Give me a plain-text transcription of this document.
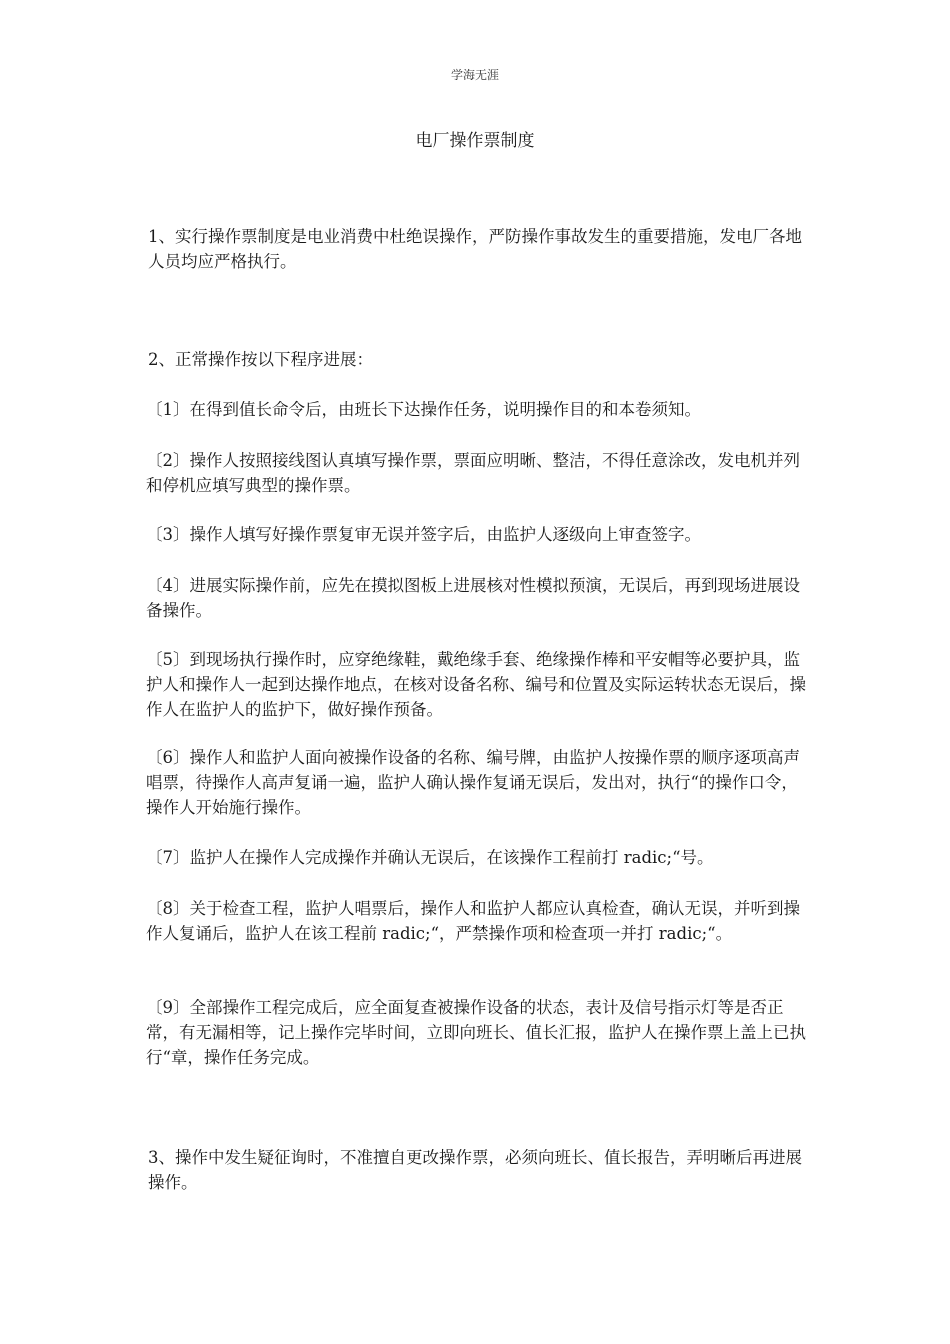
学海无涯
电厂操作票制度

1、实行操作票制度是电业消费中杜绝误操作，严防操作事故发生的重要措施，发电厂各地人员均应严格执行。

2、正常操作按以下程序进展：

〔1〕在得到值长命令后，由班长下达操作任务，说明操作目的和本卷须知。

〔2〕操作人按照接线图认真填写操作票，票面应明晰、整洁，不得任意涂改，发电机并列和停机应填写典型的操作票。

〔3〕操作人填写好操作票复审无误并签字后，由监护人逐级向上审查签字。

〔4〕进展实际操作前，应先在摸拟图板上进展核对性模拟预演，无误后，再到现场进展设备操作。

〔5〕到现场执行操作时，应穿绝缘鞋，戴绝缘手套、绝缘操作棒和平安帽等必要护具，监护人和操作人一起到达操作地点，在核对设备名称、编号和位置及实际运转状态无误后，操作人在监护人的监护下，做好操作预备。

〔6〕操作人和监护人面向被操作设备的名称、编号牌，由监护人按操作票的顺序逐项高声唱票，待操作人高声复诵一遍，监护人确认操作复诵无误后，发出对，执行“的操作口令，操作人开始施行操作。

〔7〕监护人在操作人完成操作并确认无误后，在该操作工程前打 radic;“号。

〔8〕关于检查工程，监护人唱票后，操作人和监护人都应认真检查，确认无误，并听到操作人复诵后，监护人在该工程前 radic;“，严禁操作项和检查项一并打 radic;“。

〔9〕全部操作工程完成后，应全面复查被操作设备的状态，表计及信号指示灯等是否正常，有无漏相等，记上操作完毕时间，立即向班长、值长汇报，监护人在操作票上盖上已执行“章，操作任务完成。

3、操作中发生疑征询时，不准擅自更改操作票，必须向班长、值长报告，弄明晰后再进展操作。
